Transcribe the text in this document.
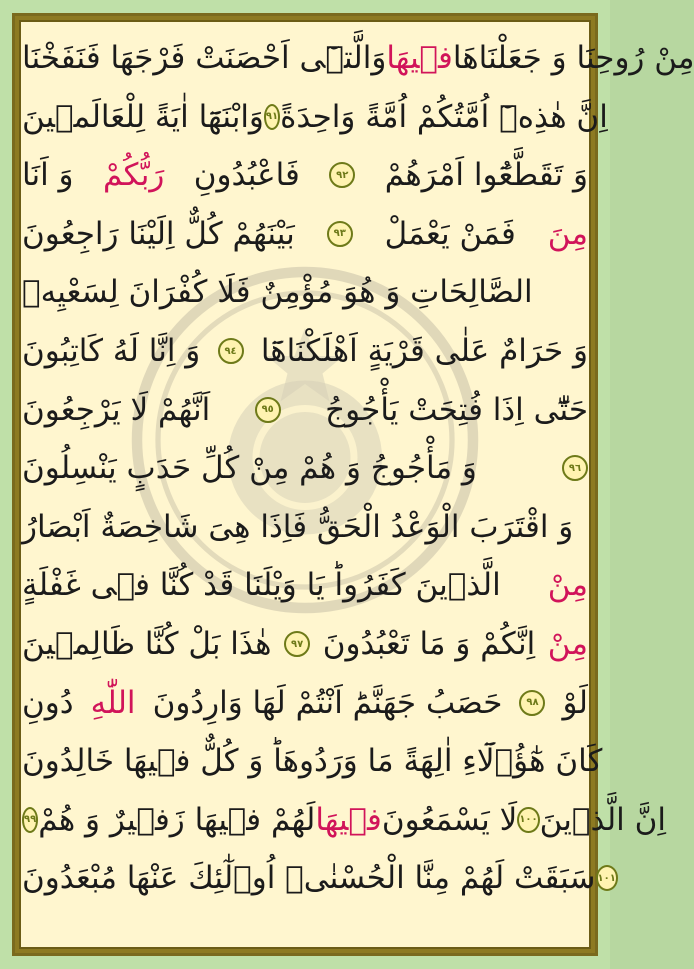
وَالَّتٖٓى اَحْصَنَتْ فَرْجَهَا فَنَفَخْنَا فٖيهَا مِنْ رُوحِنَا وَ جَعَلْنَاهَا
وَابْنَهَٓا اٰيَةً لِلْعَالَمٖينَ ٩١ اِنَّ هٰذِهٖٓ اُمَّتُكُمْ اُمَّةً وَاحِدَةً
وَ اَنَا رَبُّكُمْ فَاعْبُدُونِ	٩٢ وَ تَقَطَّعُٓوا اَمْرَهُمْ
بَيْنَهُمْ كُلٌّ اِلَيْنَا رَاجِعُونَ	٩٣ فَمَنْ يَعْمَلْ مِنَ
الصَّالِحَاتِ وَ هُوَ مُؤْمِنٌ فَلَا كُفْرَانَ لِسَعْيِهٖ
وَ اِنَّا لَهُ كَاتِبُونَ ٩٤ وَ حَرَامٌ عَلٰى قَرْيَةٍ اَهْلَكْنَاهَٓا
اَنَّهُمْ لَا يَرْجِعُونَ	٩٥ حَتّٰٓى اِذَا فُتِحَتْ يَأْجُوجُ
وَ مَأْجُوجُ وَ هُمْ مِنْ كُلِّ حَدَبٍ يَنْسِلُونَ	٩٦
وَ اقْتَرَبَ الْوَعْدُ الْحَقُّ فَاِذَا هِىَ شَاخِصَةٌ اَبْصَارُ
الَّذٖينَ كَفَرُواؕ يَا وَيْلَنَا قَدْ كُنَّا فٖى غَفْلَةٍ مِنْ
هٰذَا بَلْ كُنَّا ظَالِمٖينَ ٩٧ اِنَّكُمْ وَ مَا تَعْبُدُونَ مِنْ
دُونِ اللّٰهِ حَصَبُ جَهَنَّمَؕ اَنْتُمْ لَهَا وَارِدُونَ ٩٨ لَوْ
كَانَ هٰٓؤُ۬لَٓاءِ اٰلِهَةً مَا وَرَدُوهَاؕ وَ كُلٌّ فٖيهَا خَالِدُونَ
٩٩ لَهُمْ فٖيهَا زَفٖيرٌ وَ هُمْ فٖيهَا لَا يَسْمَعُونَ ١٠٠ اِنَّ الَّذٖينَ
سَبَقَتْ لَهُمْ مِنَّا الْحُسْنٰىۙ اُو۬لٰٓئِكَ عَنْهَا مُبْعَدُونَ ١٠١
